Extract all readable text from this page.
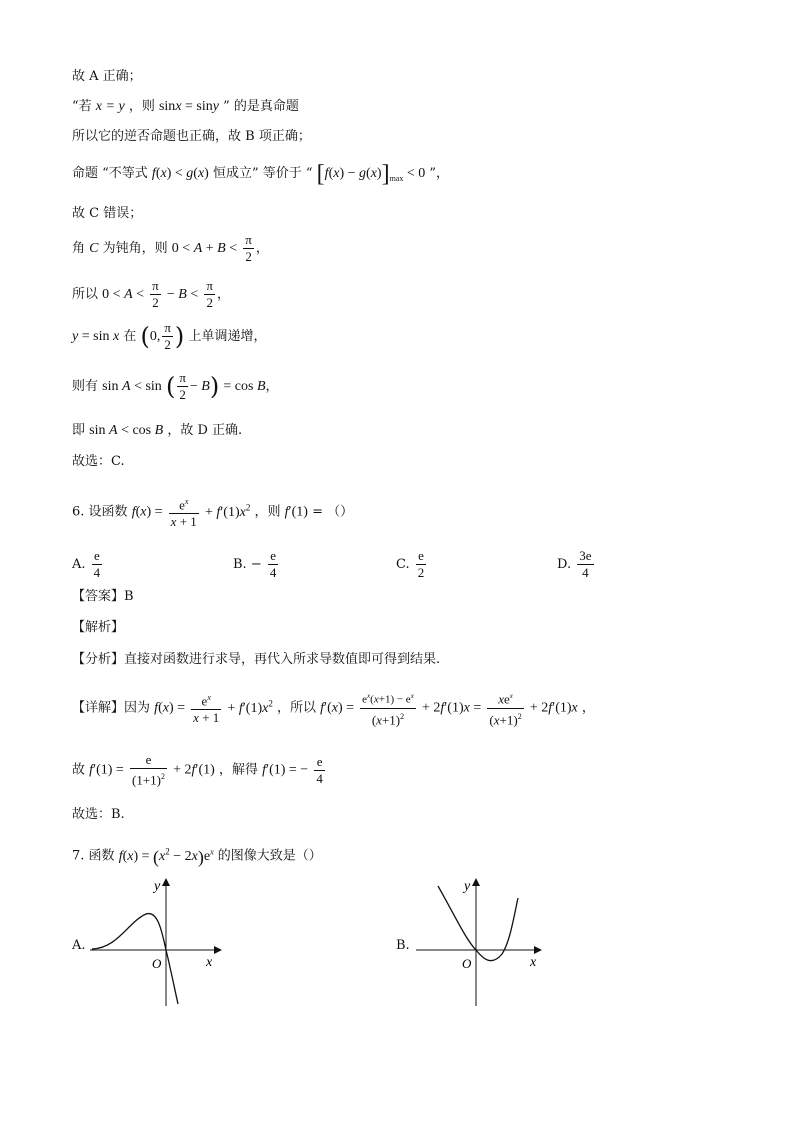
故 A 正确；
“若 x = y ，则 sinx = siny ” 的是真命题
所以它的逆否命题也正确，故 B 项正确；
命题 “不等式 f(x) < g(x) 恒成立” 等价于 “ $[f(x) - g(x)]_{max} < 0$ ”，
故 C 错误；
角 C 为钝角，则 $0 < A + B < \frac{\pi}{2}$ ，
所以 $0 < A < \frac{\pi}{2} - B < \frac{\pi}{2}$ ，
y = sin x 在 (0, $\frac{\pi}{2}$ ) 上单调递增，
则有 sin A < sin ( $\frac{\pi}{2} - B) = \cos B$，
即 sin A < cos B ，故 D 正确.
故选：C.
6. 设函数 $f(x) = \frac{e^x}{x + 1} + f'(1)x^2$ ，则 f′(1) = （）
A. $\frac{e}{4}$	B. − $\frac{e}{4}$	C. $\frac{e}{2}$	D. $\frac{3e}{4}$
【答案】B
【解析】
【分析】直接对函数进行求导，再代入所求导数值即可得到结果.
【详解】因为 $f(x) = \frac{e^x}{x + 1} + f'(1)x^2$ ，所以 $f'(x) = \frac{e^x(x+1) - e^x}{(x+1)^2} + 2f'(1)x = \frac{xe^x}{(x+1)^2} + 2f'(1)x$ ，
故 $f'(1) = \frac{e}{(1+1)^2} + 2f'(1)$ ，解得 f′(1) = − $\frac{e}{4}$
故选：B.
7. 函数 $f(x) = (x^2 - 2x)e^x$ 的图像大致是（）
A.
O	x
y
B.
O	x
y
